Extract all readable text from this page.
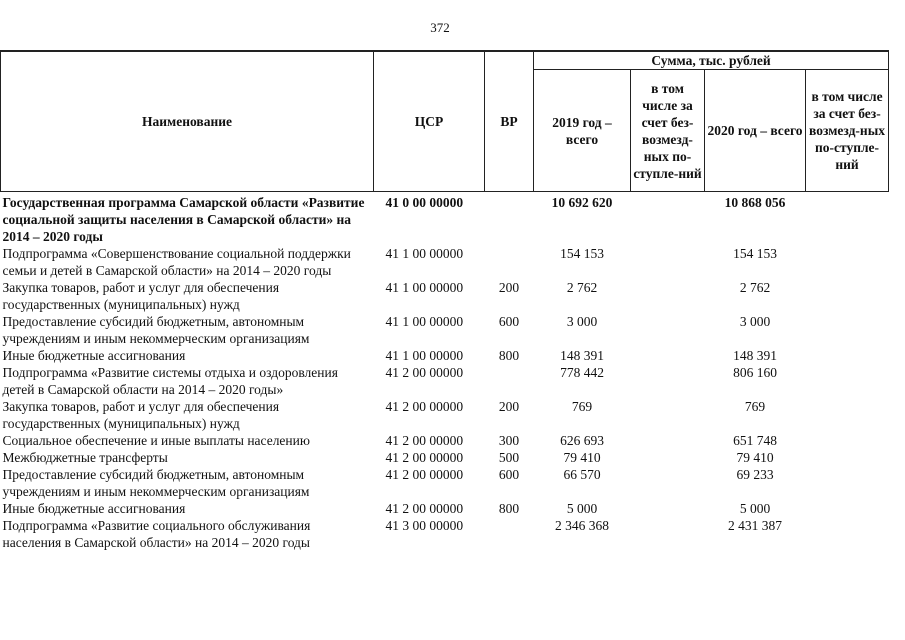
372
Наименование	ЦСР	ВР	Сумма, тыс. рублей			
			2019 год – всего	в том числе за счет без-возмезд-ных по-ступле-ний	2020 год – всего	в том числе за счет без-возмезд-ных по-ступле-ний
Государственная программа Самарской области «Развитие социальной защиты населения в Самарской области» на 2014 – 2020 годы	41 0 00 00000		10 692 620		10 868 056	
Подпрограмма «Совершенствование социальной поддержки семьи и детей в Самарской области» на 2014 – 2020 годы	41 1 00 00000		154 153		154 153	
Закупка товаров, работ и услуг для обеспечения государственных (муниципальных) нужд	41 1 00 00000	200	2 762		2 762	
Предоставление субсидий бюджетным, автономным учреждениям и иным некоммерческим организациям	41 1 00 00000	600	3 000		3 000	
Иные бюджетные ассигнования	41 1 00 00000	800	148 391		148 391	
Подпрограмма «Развитие системы отдыха и оздоровления детей в Самарской области на 2014 – 2020 годы»	41 2 00 00000		778 442		806 160	
Закупка товаров, работ и услуг для обеспечения государственных (муниципальных) нужд	41 2 00 00000	200	769		769	
Социальное обеспечение и иные выплаты населению	41 2 00 00000	300	626 693		651 748	
Межбюджетные трансферты	41 2 00 00000	500	79 410		79 410	
Предоставление субсидий бюджетным, автономным учреждениям и иным некоммерческим организациям	41 2 00 00000	600	66 570		69 233	
Иные бюджетные ассигнования	41 2 00 00000	800	5 000		5 000	
Подпрограмма «Развитие социального обслуживания населения в Самарской области» на 2014 – 2020 годы	41 3 00 00000		2 346 368		2 431 387	
